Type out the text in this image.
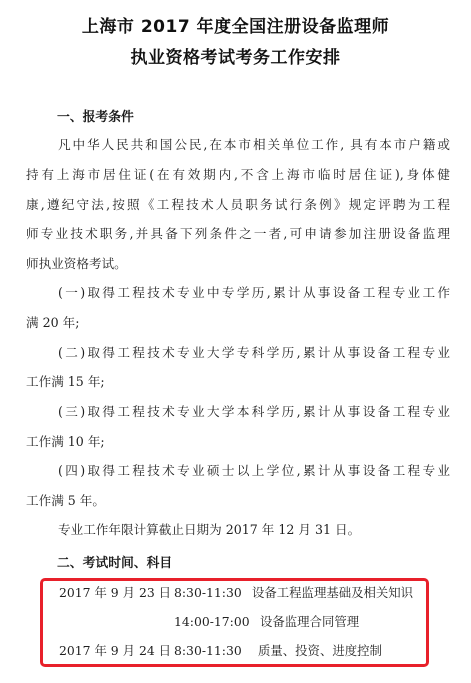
上海市 2017 年度全国注册设备监理师
执业资格考试考务工作安排
一、报考条件
凡中华人民共和国公民,在本市相关单位工作, 具有本市户籍或
持有上海市居住证(在有效期内,不含上海市临时居住证),身体健
康,遵纪守法,按照《工程技术人员职务试行条例》规定评聘为工程
师专业技术职务,并具备下列条件之一者,可申请参加注册设备监理
师执业资格考试。
(一)取得工程技术专业中专学历,累计从事设备工程专业工作
满 20 年;
(二)取得工程技术专业大学专科学历,累计从事设备工程专业
工作满 15 年;
(三)取得工程技术专业大学本科学历,累计从事设备工程专业
工作满 10 年;
(四)取得工程技术专业硕士以上学位,累计从事设备工程专业
工作满 5 年。
专业工作年限计算截止日期为 2017 年 12 月 31 日。
二、考试时间、科目
2017 年 9 月 23 日 8:30-11:30 设备工程监理基础及相关知识
14:00-17:00 设备监理合同管理
2017 年 9 月 24 日 8:30-11:30 质量、投资、进度控制
